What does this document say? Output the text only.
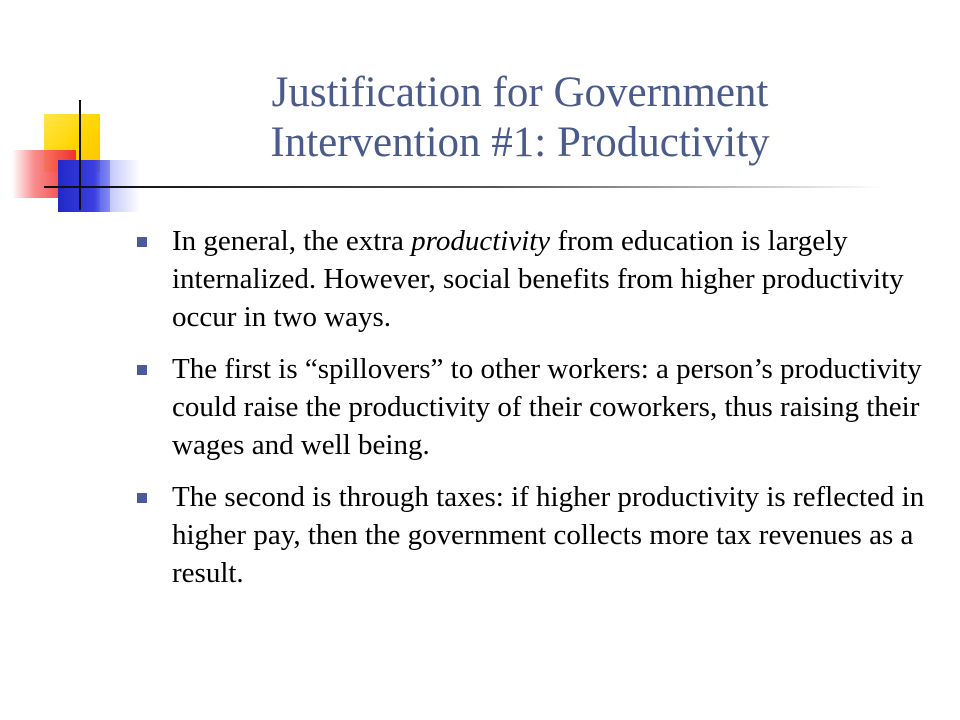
Justification for Government
Intervention #1: Productivity
In general, the extra productivity from education is largely internalized. However, social benefits from higher productivity occur in two ways.
The first is “spillovers” to other workers: a person’s productivity could raise the productivity of their coworkers, thus raising their wages and well being.
The second is through taxes: if higher productivity is reflected in higher pay, then the government collects more tax revenues as a result.
